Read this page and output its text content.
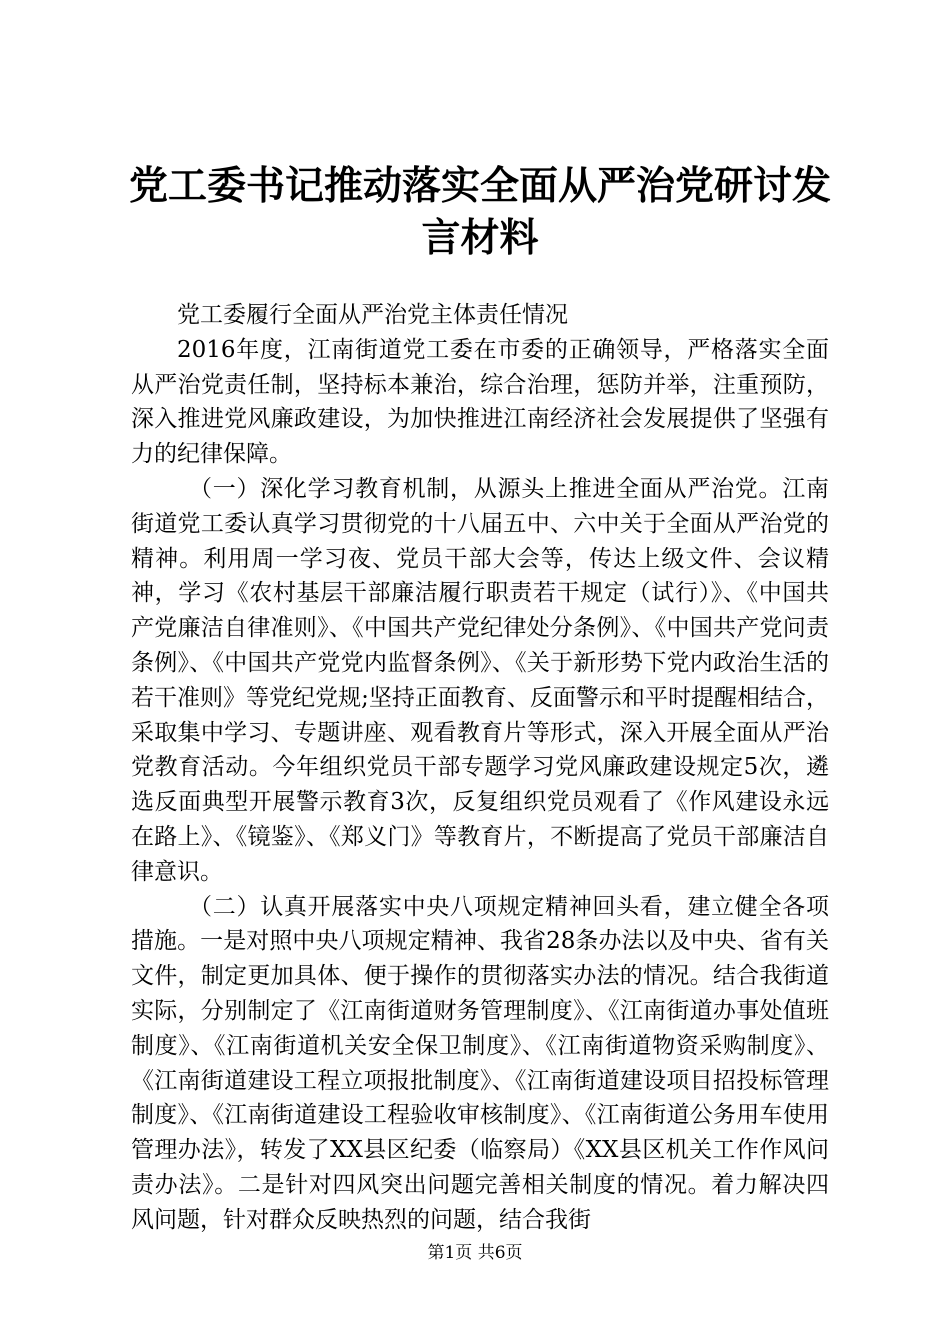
党工委书记推动落实全面从严治党研讨发言材料

党工委履行全面从严治党主体责任情况

2016年度，江南街道党工委在市委的正确领导，严格落实全面从严治党责任制，坚持标本兼治，综合治理，惩防并举，注重预防，深入推进党风廉政建设，为加快推进江南经济社会发展提供了坚强有力的纪律保障。

（一）深化学习教育机制，从源头上推进全面从严治党。江南街道党工委认真学习贯彻党的十八届五中、六中关于全面从严治党的精神。利用周一学习夜、党员干部大会等，传达上级文件、会议精神，学习《农村基层干部廉洁履行职责若干规定（试行）》、《中国共产党廉洁自律准则》、《中国共产党纪律处分条例》、《中国共产党问责条例》、《中国共产党党内监督条例》、《关于新形势下党内政治生活的若干准则》等党纪党规;坚持正面教育、反面警示和平时提醒相结合，采取集中学习、专题讲座、观看教育片等形式，深入开展全面从严治党教育活动。今年组织党员干部专题学习党风廉政建设规定5次，遴选反面典型开展警示教育3次，反复组织党员观看了《作风建设永远在路上》、《镜鉴》、《郑义门》等教育片，不断提高了党员干部廉洁自律意识。

（二）认真开展落实中央八项规定精神回头看，建立健全各项措施。一是对照中央八项规定精神、我省28条办法以及中央、省有关文件，制定更加具体、便于操作的贯彻落实办法的情况。结合我街道实际，分别制定了《江南街道财务管理制度》、《江南街道办事处值班制度》、《江南街道机关安全保卫制度》、《江南街道物资采购制度》、《江南街道建设工程立项报批制度》、《江南街道建设项目招投标管理制度》、《江南街道建设工程验收审核制度》、《江南街道公务用车使用管理办法》，转发了XX县区纪委（临察局）《XX县区机关工作作风问责办法》。二是针对四风突出问题完善相关制度的情况。着力解决四风问题，针对群众反映热烈的问题，结合我街

第1页 共6页
